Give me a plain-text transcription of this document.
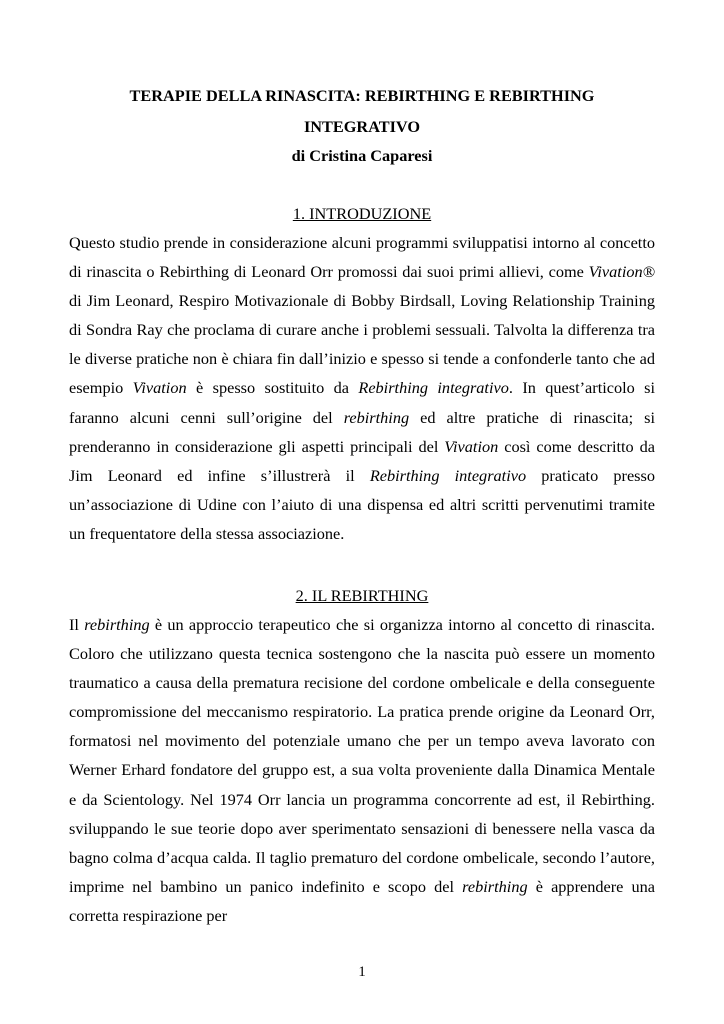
TERAPIE DELLA RINASCITA: REBIRTHING E REBIRTHING
INTEGRATIVO
di Cristina Caparesi
1. INTRODUZIONE

Questo studio prende in considerazione alcuni programmi sviluppatisi intorno al concetto di rinascita o Rebirthing di Leonard Orr promossi dai suoi primi allievi, come Vivation® di Jim Leonard, Respiro Motivazionale di Bobby Birdsall, Loving Relationship Training di Sondra Ray che proclama di curare anche i problemi sessuali. Talvolta la differenza tra le diverse pratiche non è chiara fin dall’inizio e spesso si tende a confonderle tanto che ad esempio Vivation è spesso sostituito da Rebirthing integrativo. In quest’articolo si faranno alcuni cenni sull’origine del rebirthing ed altre pratiche di rinascita; si prenderanno in considerazione gli aspetti principali del Vivation così come descritto da Jim Leonard ed infine s’illustrerà il Rebirthing integrativo praticato presso un’associazione di Udine con l’aiuto di una dispensa ed altri scritti pervenutimi tramite un frequentatore della stessa associazione.

2. IL REBIRTHING

Il rebirthing è un approccio terapeutico che si organizza intorno al concetto di rinascita. Coloro che utilizzano questa tecnica sostengono che la nascita può essere un momento traumatico a causa della prematura recisione del cordone ombelicale e della conseguente compromissione del meccanismo respiratorio. La pratica prende origine da Leonard Orr, formatosi nel movimento del potenziale umano che per un tempo aveva lavorato con Werner Erhard fondatore del gruppo est, a sua volta proveniente dalla Dinamica Mentale e da Scientology. Nel 1974 Orr lancia un programma concorrente ad est, il Rebirthing. sviluppando le sue teorie dopo aver sperimentato sensazioni di benessere nella vasca da bagno colma d’acqua calda. Il taglio prematuro del cordone ombelicale, secondo l’autore, imprime nel bambino un panico indefinito e scopo del rebirthing è apprendere una corretta respirazione per

1
